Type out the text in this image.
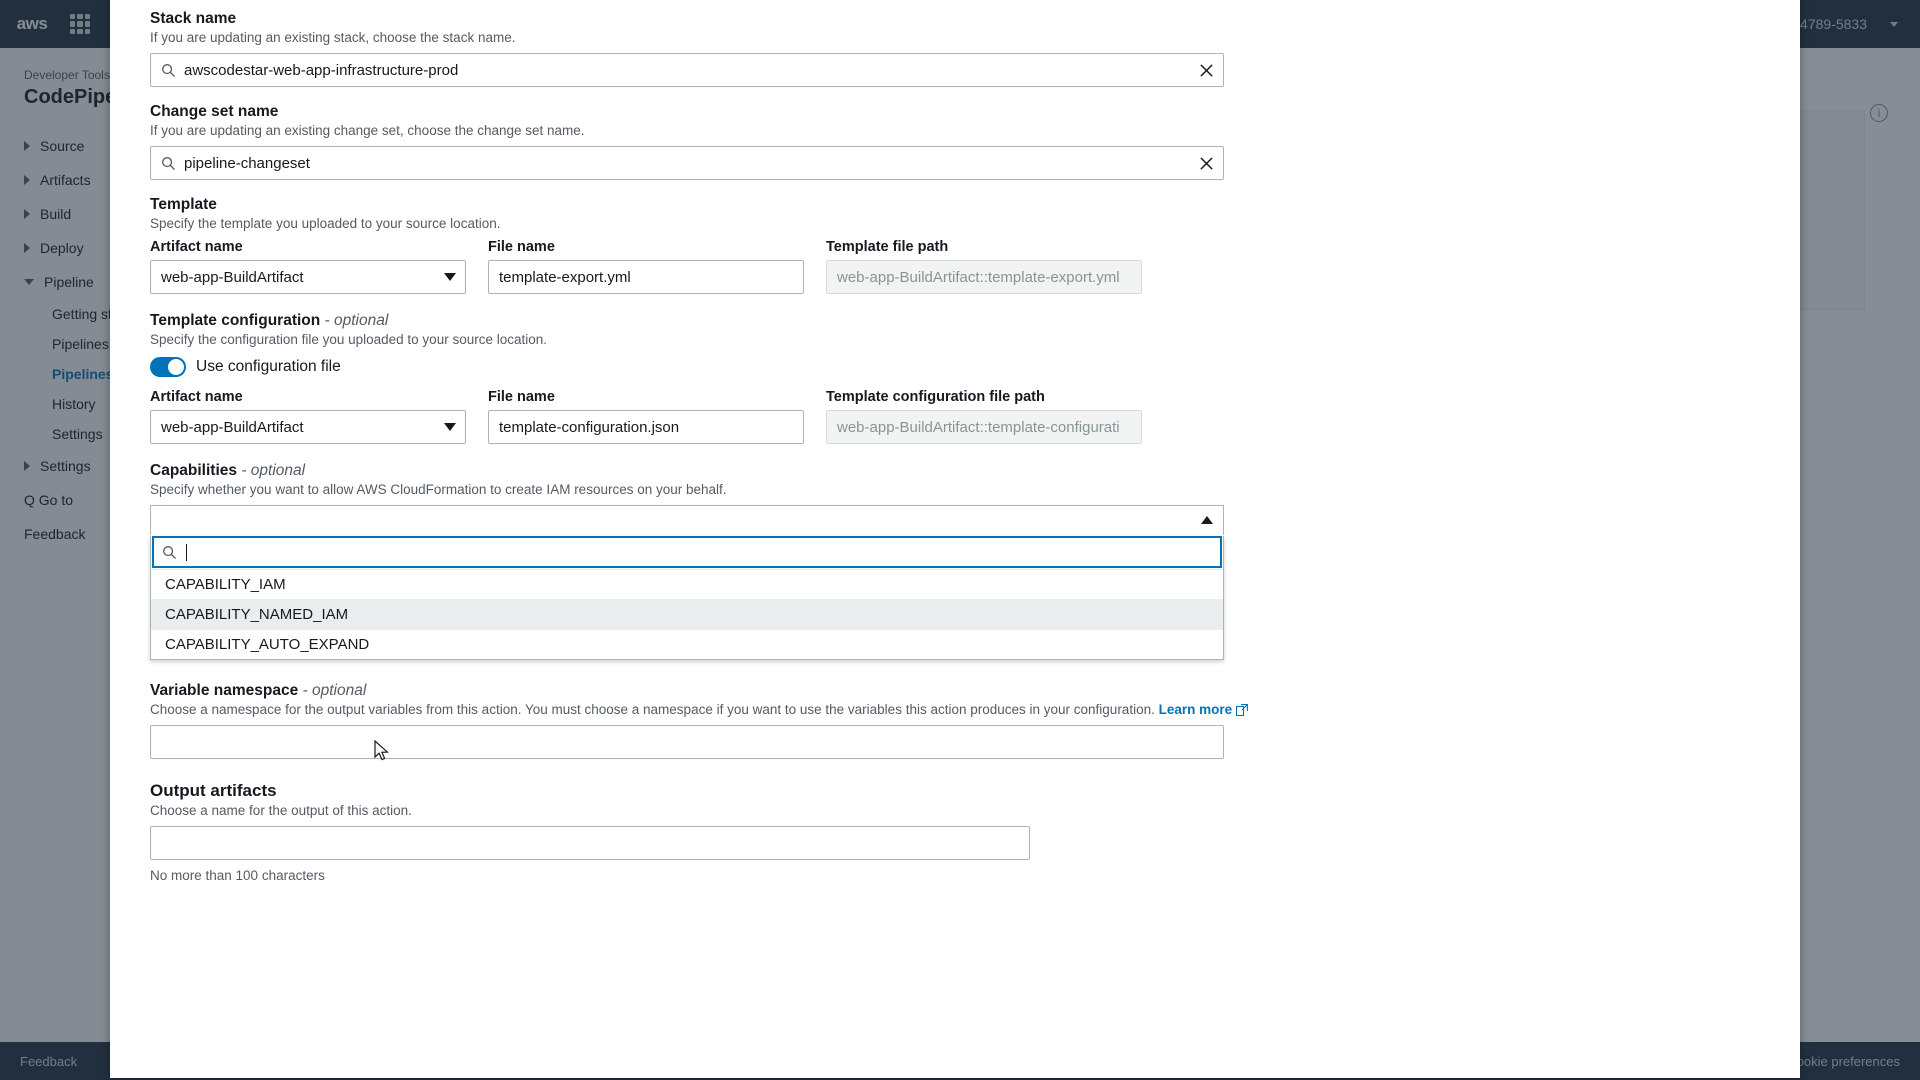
Stack name
If you are updating an existing stack, choose the stack name.
awscodestar-web-app-infrastructure-prod
Change set name
If you are updating an existing change set, choose the change set name.
pipeline-changeset
Template
Specify the template you uploaded to your source location.
Artifact name
web-app-BuildArtifact
File name
template-export.yml	Template file path
web-app-BuildArtifact::template-export.yml
Template configuration - optional
Specify the configuration file you uploaded to your source location.
Use configuration file
Artifact name
web-app-BuildArtifact
File name
template-configuration.json	Template configuration file path
web-app-BuildArtifact::template-configurati
Capabilities - optional
Specify whether you want to allow AWS CloudFormation to create IAM resources on your behalf.
CAPABILITY_IAM
CAPABILITY_NAMED_IAM
CAPABILITY_AUTO_EXPAND
Variable namespace - optional
Choose a namespace for the output variables from this action. You must choose a namespace if you want to use the variables this action produces in your configuration. Learn more
Output artifacts
Choose a name for the output of this action.
No more than 100 characters
